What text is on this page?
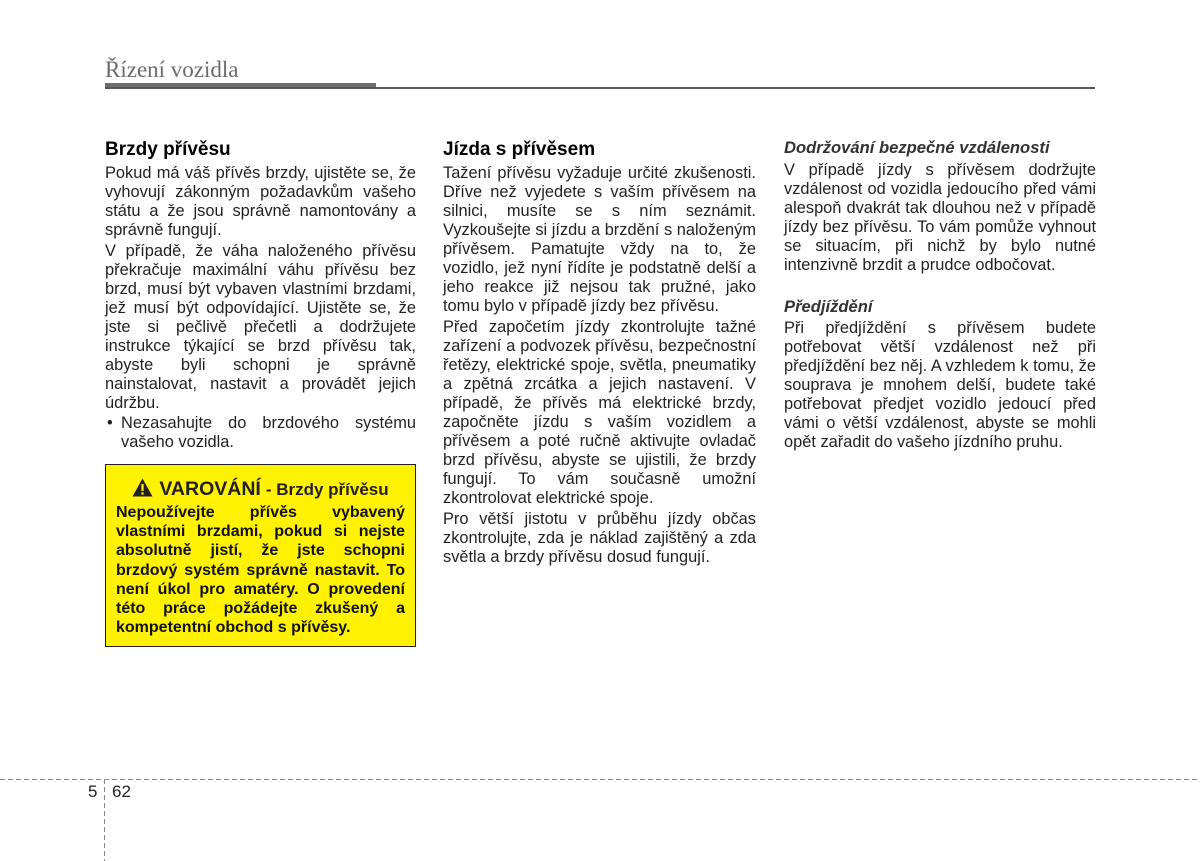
Řízení vozidla
Brzdy přívěsu

Pokud má váš přívěs brzdy, ujistěte se, že vyhovují zákonným požadavkům vašeho státu a že jsou správně namontovány a správně fungují.

V případě, že váha naloženého přívěsu překračuje maximální váhu přívěsu bez brzd, musí být vybaven vlastními brzdami, jež musí být odpovídající. Ujistěte se, že jste si pečlivě přečetli a dodržujete instrukce týkající se brzd přívěsu tak, abyste byli schopni je správně nainstalovat, nastavit a provádět jejich údržbu.

• Nezasahujte do brzdového systému vašeho vozidla.
VAROVÁNÍ - Brzdy přívěsu

Nepoužívejte přívěs vybavený vlastními brzdami, pokud si nejste absolutně jistí, že jste schopni brzdový systém správně nastavit. To není úkol pro amatéry. O provedení této práce požádejte zkušený a kompetentní obchod s přívěsy.

Jízda s přívěsem

Tažení přívěsu vyžaduje určité zkušenosti. Dříve než vyjedete s vaším přívěsem na silnici, musíte se s ním seznámit. Vyzkoušejte si jízdu a brzdění s naloženým přívěsem. Pamatujte vždy na to, že vozidlo, jež nyní řídíte je podstatně delší a jeho reakce již nejsou tak pružné, jako tomu bylo v případě jízdy bez přívěsu.

Před započetím jízdy zkontrolujte tažné zařízení a podvozek přívěsu, bezpečnostní řetězy, elektrické spoje, světla, pneumatiky a zpětná zrcátka a jejich nastavení. V případě, že přívěs má elektrické brzdy, započněte jízdu s vaším vozidlem a přívěsem a poté ručně aktivujte ovladač brzd přívěsu, abyste se ujistili, že brzdy fungují. To vám současně umožní zkontrolovat elektrické spoje.

Pro větší jistotu v průběhu jízdy občas zkontrolujte, zda je náklad zajištěný a zda světla a brzdy přívěsu dosud fungují.

Dodržování bezpečné vzdálenosti

V případě jízdy s přívěsem dodržujte vzdálenost od vozidla jedoucího před vámi alespoň dvakrát tak dlouhou než v případě jízdy bez přívěsu. To vám pomůže vyhnout se situacím, při nichž by bylo nutné intenzivně brzdit a prudce odbočovat.

Předjíždění

Při předjíždění s přívěsem budete potřebovat větší vzdálenost než při předjíždění bez něj. A vzhledem k tomu, že souprava je mnohem delší, budete také potřebovat předjet vozidlo jedoucí před vámi o větší vzdálenost, abyste se mohli opět zařadit do vašeho jízdního pruhu.

5 62
